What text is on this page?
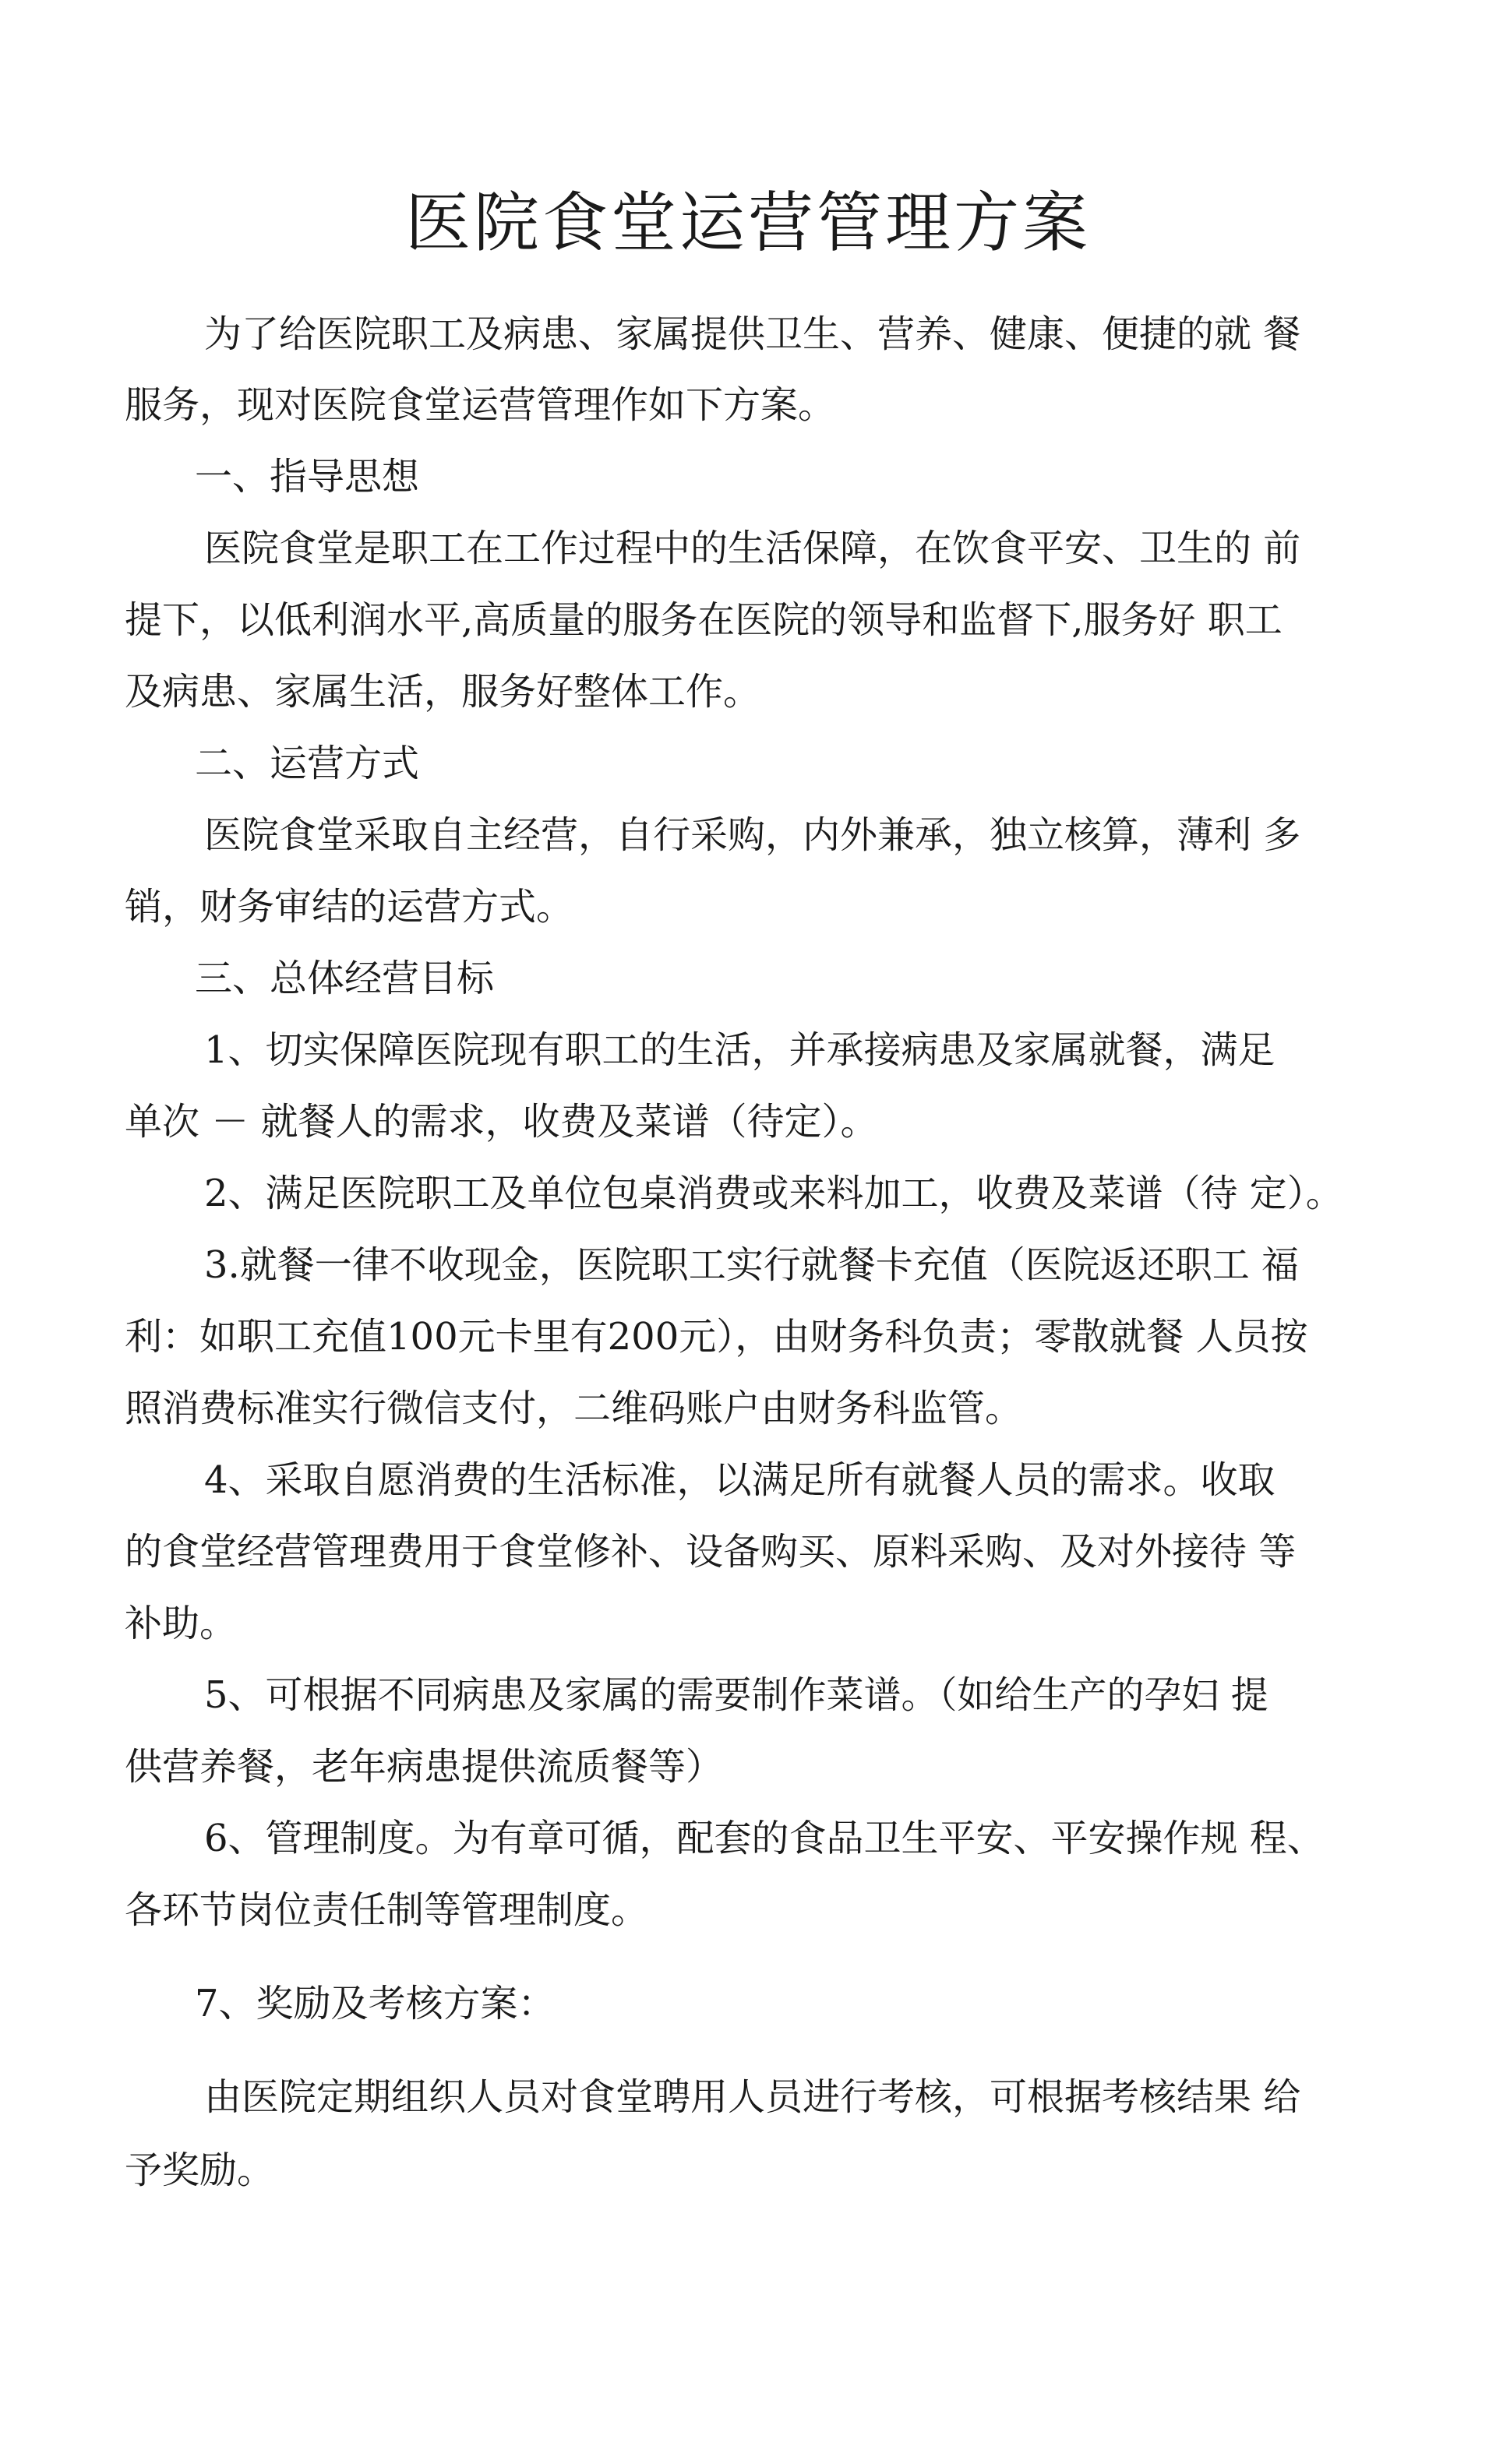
医院食堂运营管理方案
为了给医院职工及病患、家属提供卫生、营养、健康、便捷的就 餐
服务，现对医院食堂运营管理作如下方案。
一、指导思想
医院食堂是职工在工作过程中的生活保障，在饮食平安、卫生的 前
提下，以低利润水平,高质量的服务在医院的领导和监督下,服务好 职工
及病患、家属生活，服务好整体工作。
二、运营方式
医院食堂采取自主经营，自行采购，内外兼承，独立核算，薄利 多
销，财务审结的运营方式。
三、总体经营目标
1、切实保障医院现有职工的生活，并承接病患及家属就餐，满足
单次 － 就餐人的需求，收费及菜谱（待定）。
2、满足医院职工及单位包桌消费或来料加工，收费及菜谱（待 定）。
3.就餐一律不收现金，医院职工实行就餐卡充值（医院返还职工 福
利：如职工充值100元卡里有200元），由财务科负责；零散就餐 人员按
照消费标准实行微信支付，二维码账户由财务科监管。
4、采取自愿消费的生活标准，以满足所有就餐人员的需求。收取
的食堂经营管理费用于食堂修补、设备购买、原料采购、及对外接待 等
补助。
5、可根据不同病患及家属的需要制作菜谱。（如给生产的孕妇 提
供营养餐，老年病患提供流质餐等）
6、管理制度。为有章可循，配套的食品卫生平安、平安操作规 程、
各环节岗位责任制等管理制度。
7、奖励及考核方案：
由医院定期组织人员对食堂聘用人员进行考核，可根据考核结果 给
予奖励。
